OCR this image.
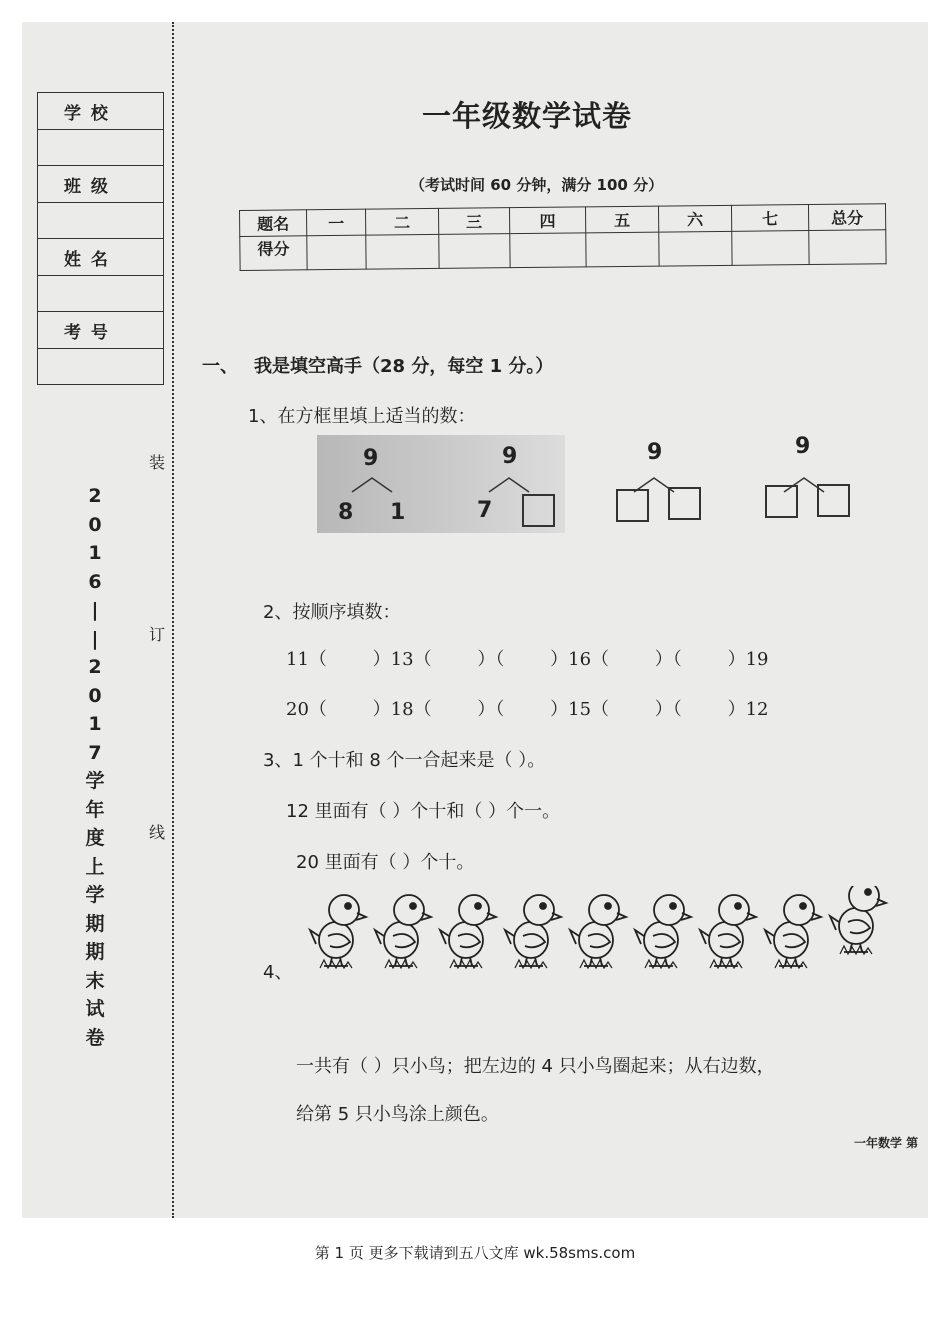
学 校
班 级
姓 名
考 号
装
订
线
2
0
1
6
|
|
2
0
1
7
学
年
度
上
学
期
期
末
试
卷
一年级数学试卷
（考试时间 60 分钟，满分 100 分）
题名	一	二	三	四	五	六	七	总分
得分								
一、 我是填空高手（28 分，每空 1 分。）
1、在方框里填上适当的数：
9
8 1
9
7
9	9
2、按顺序填数：
11（        ）13（        ）（        ）16（        ）（        ）19
20（        ）18（        ）（        ）15（        ）（        ）12
3、1 个十和 8 个一合起来是（ ）。
12 里面有（ ）个十和（ ）个一。
20 里面有（ ）个十。
4、
一共有（ ）只小鸟；把左边的 4 只小鸟圈起来；从右边数，
给第 5 只小鸟涂上颜色。
一年数学 第
第 1 页 更多下载请到五八文库 wk.58sms.com
